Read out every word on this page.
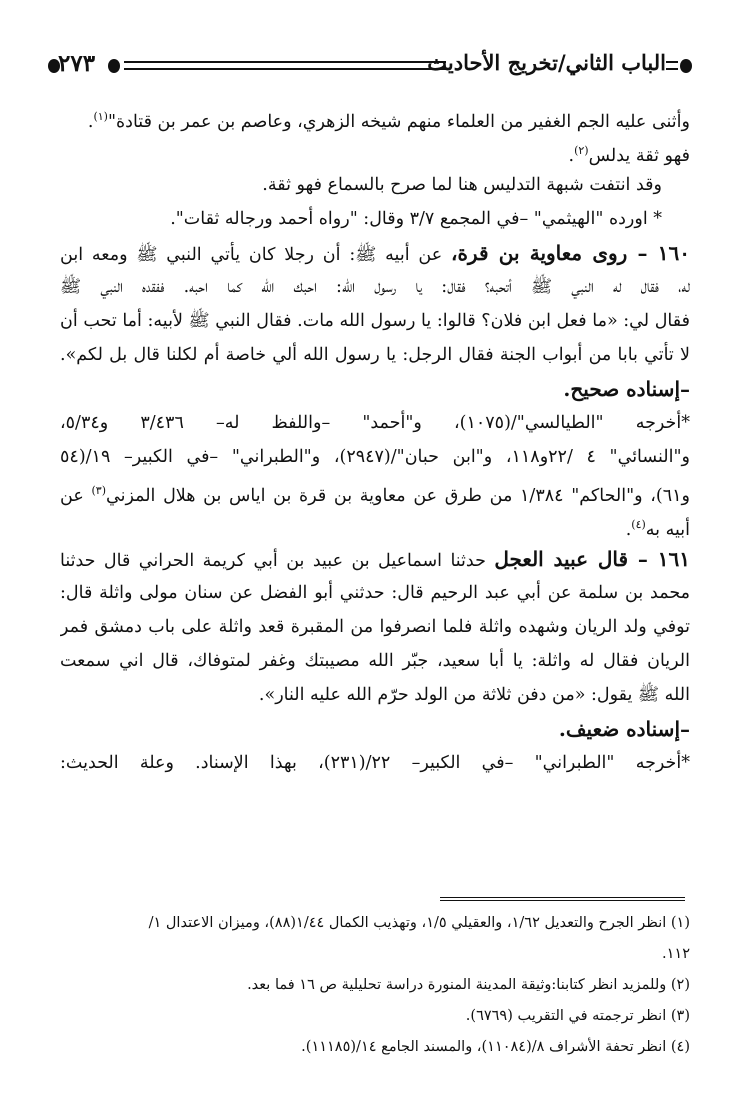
٢٧٣	الباب الثاني/تخريج الأحاديث
وأثنى عليه الجم الغفير من العلماء منهم شيخه الزهري، وعاصم بن عمر بن قتادة"$^{(١)}$.
فهو ثقة يدلس$^{(٢)}$.
وقد انتفت شبهة التدليس هنا لما صرح بالسماع فهو ثقة.
* اورده "الهيثمي" –في المجمع ٣/٧ وقال: "رواه أحمد ورجاله ثقات".
١٦٠ – روى معاوية بن قرة، عن أبيه ﷺ: أن رجلا كان يأتي النبي ﷺ ومعه ابن
له، فقال له النبي ﷺ أتحبه؟ فقال: يا رسول الله: احبك الله كما احبه. ففقده النبي ﷺ
فقال لي: «ما فعل ابن فلان؟ قالوا: يا رسول الله مات. فقال النبي ﷺ لأبيه: أما تحب أن
لا تأتي بابا من أبواب الجنة فقال الرجل: يا رسول الله ألي خاصة أم لكلنا قال بل لكم».
–إسناده صحيح.
*أخرجه "الطيالسي"/(١٠٧٥)، و"أحمد" –واللفظ له– ٣/٤٣٦ و٥/٣٤،
و"النسائي" ٤ /٢٢و١١٨، و"ابن حبان"/(٢٩٤٧)، و"الطبراني" –في الكبير– ١٩/(٥٤
و٦١)، و"الحاكم" ١/٣٨٤ من طرق عن معاوية بن قرة بن اياس بن هلال المزني$^{(٣)}$ عن
أبيه به$^{(٤)}$.
١٦١ – قال عبيد العجل حدثنا اسماعيل بن عبيد بن أبي كريمة الحراني قال حدثنا
محمد بن سلمة عن أبي عبد الرحيم قال: حدثني أبو الفضل عن سنان مولى واثلة قال:
توفي ولد الريان وشهده واثلة فلما انصرفوا من المقبرة قعد واثلة على باب دمشق فمر
الريان فقال له واثلة: يا أبا سعيد، جبّر الله مصيبتك وغفر لمتوفاك، قال اني سمعت
الله ﷺ يقول: «من دفن ثلاثة من الولد حرّم الله عليه النار».
–إسناده ضعيف.
*أخرجه "الطبراني" –في الكبير– ٢٢/(٢٣١)، بهذا الإسناد. وعلة الحديث:
(١) انظر الجرح والتعديل ١/٦٢، والعقيلي ١/٥، وتهذيب الكمال ١/٤٤(٨٨)، وميزان الاعتدال ١/
١١٢.
(٢) وللمزيد انظر كتابنا:وثيقة المدينة المنورة دراسة تحليلية ص ١٦ فما بعد.
(٣) انظر ترجمته في التقريب (٦٧٦٩).
(٤) انظر تحفة الأشراف ٨/(١١٠٨٤)، والمسند الجامع ١٤/(١١١٨٥).
